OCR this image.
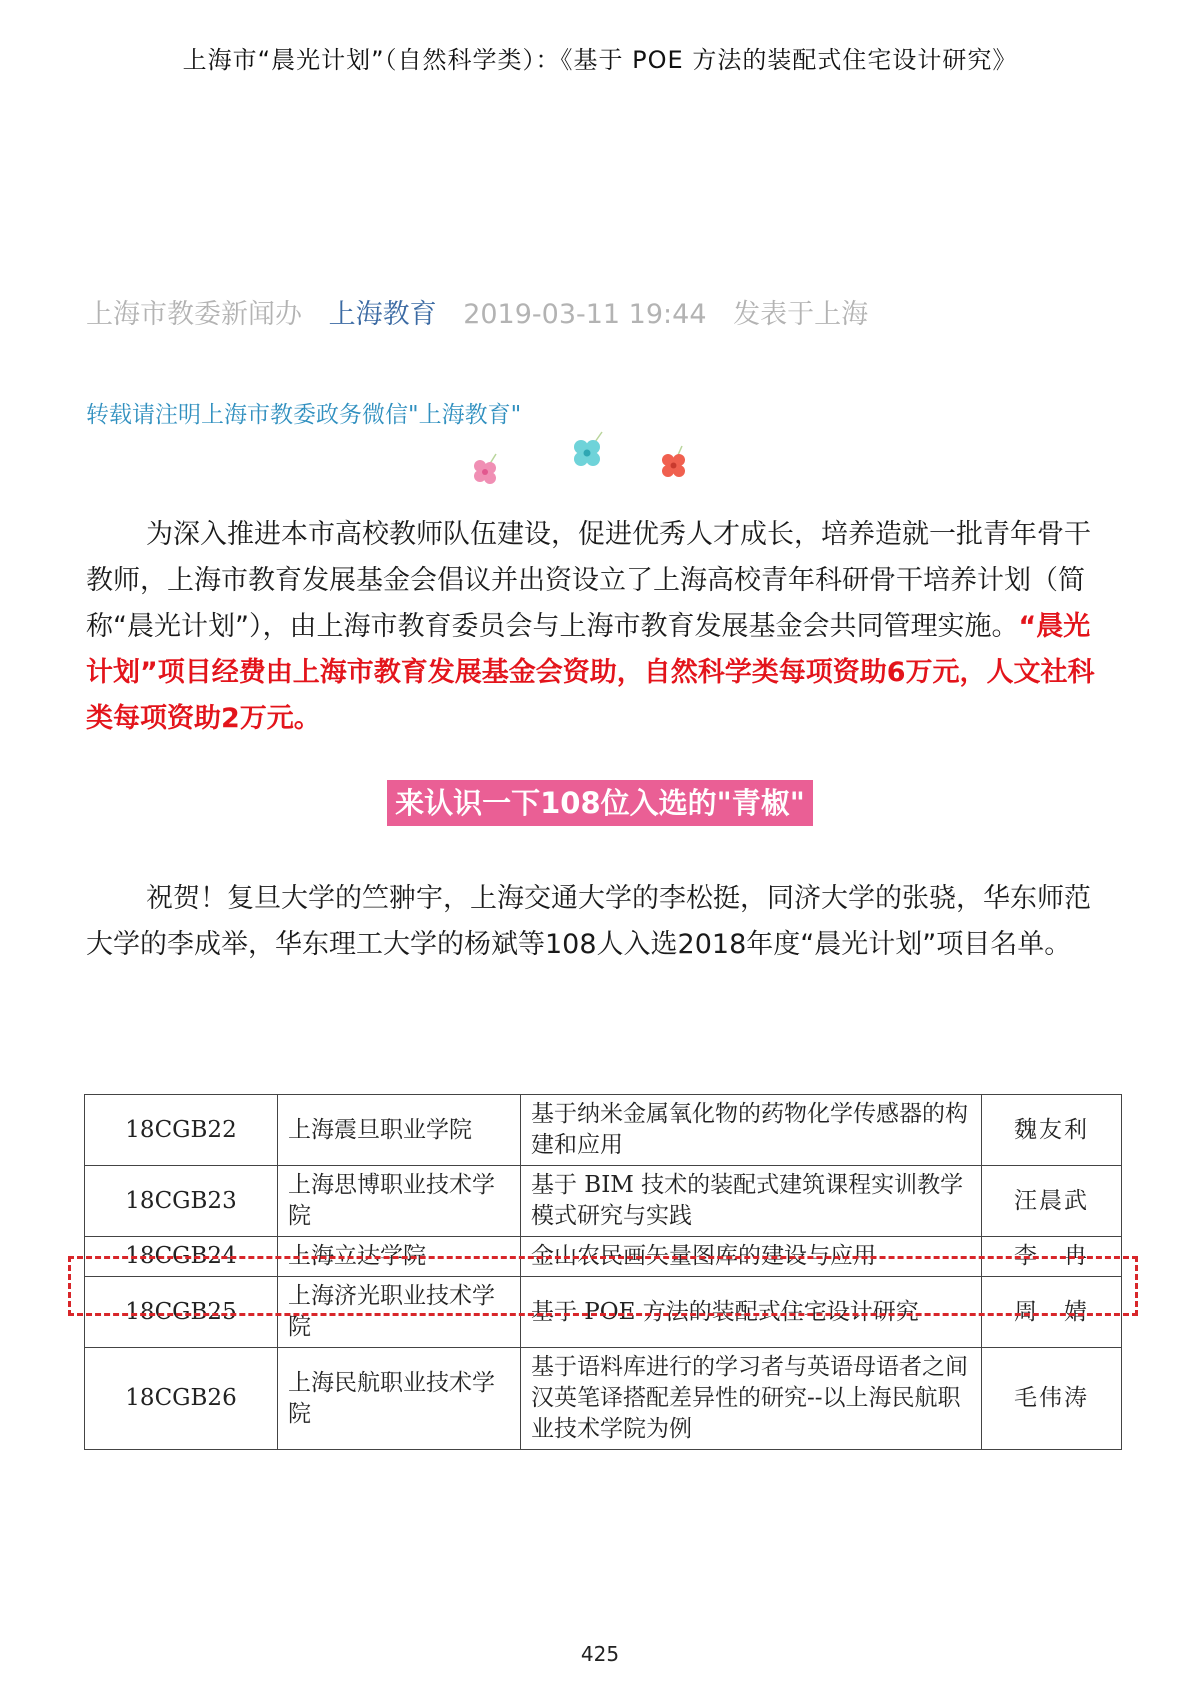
上海市“晨光计划”（自然科学类）：《基于 POE 方法的装配式住宅设计研究》
上海市教委新闻办 上海教育 2019-03-11 19:44 发表于上海
转载请注明上海市教委政务微信"上海教育"
为深入推进本市高校教师队伍建设，促进优秀人才成长，培养造就一批青年骨干教师，上海市教育发展基金会倡议并出资设立了上海高校青年科研骨干培养计划（简称“晨光计划”），由上海市教育委员会与上海市教育发展基金会共同管理实施。“晨光计划”项目经费由上海市教育发展基金会资助，自然科学类每项资助6万元，人文社科类每项资助2万元。
来认识一下108位入选的"青椒"
祝贺！复旦大学的竺翀宇，上海交通大学的李松挺，同济大学的张骁，华东师范大学的李成举，华东理工大学的杨斌等108人入选2018年度“晨光计划”项目名单。
18CGB22	上海震旦职业学院	基于纳米金属氧化物的药物化学传感器的构建和应用	魏友利
18CGB23	上海思博职业技术学院	基于 BIM 技术的装配式建筑课程实训教学模式研究与实践	汪晨武
18CGB24	上海立达学院	金山农民画矢量图库的建设与应用	李　冉
18CGB25	上海济光职业技术学院	基于 POE 方法的装配式住宅设计研究	周　婧
18CGB26	上海民航职业技术学院	基于语料库进行的学习者与英语母语者之间汉英笔译搭配差异性的研究--以上海民航职业技术学院为例	毛伟涛
425
